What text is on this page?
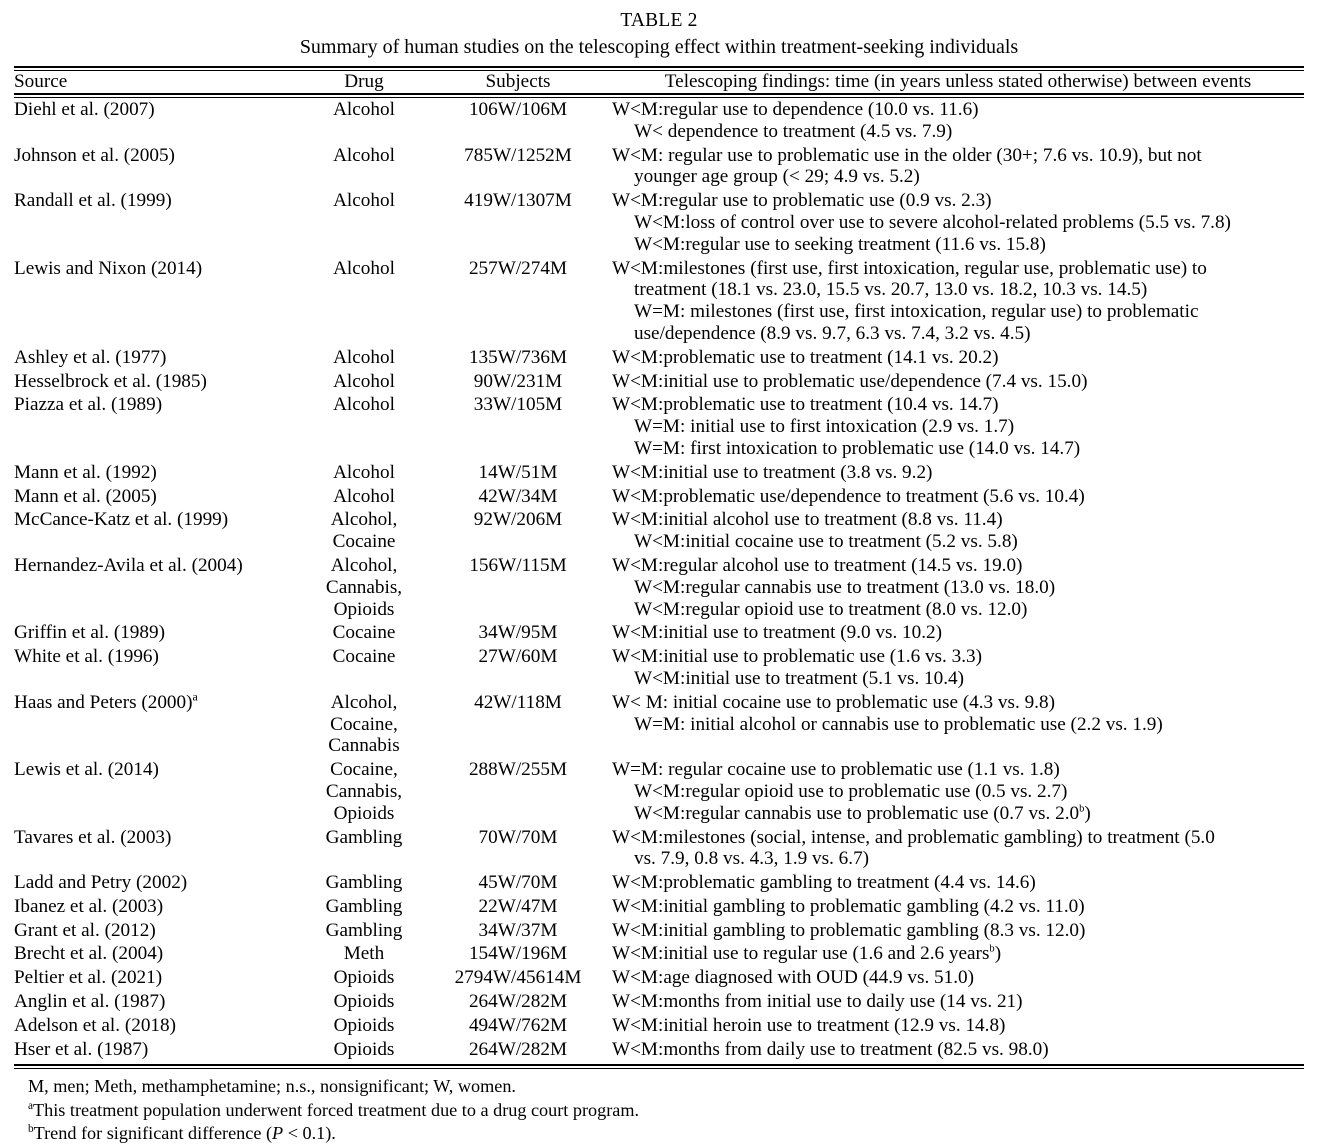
TABLE 2
Summary of human studies on the telescoping effect within treatment-seeking individuals
Source	Drug	Subjects	Telescoping findings: time (in years unless stated otherwise) between events
Diehl et al. (2007)	Alcohol	106W/106M	W<M:regular use to dependence (10.0 vs. 11.6)
W< dependence to treatment (4.5 vs. 7.9)

Johnson et al. (2005)	Alcohol	785W/1252M	W<M: regular use to problematic use in the older (30+; 7.6 vs. 10.9), but not
younger age group (< 29; 4.9 vs. 5.2)

Randall et al. (1999)	Alcohol	419W/1307M	W<M:regular use to problematic use (0.9 vs. 2.3)
W<M:loss of control over use to severe alcohol-related problems (5.5 vs. 7.8)
W<M:regular use to seeking treatment (11.6 vs. 15.8)

Lewis and Nixon (2014)	Alcohol	257W/274M	W<M:milestones (first use, first intoxication, regular use, problematic use) to
treatment (18.1 vs. 23.0, 15.5 vs. 20.7, 13.0 vs. 18.2, 10.3 vs. 14.5)
W=M: milestones (first use, first intoxication, regular use) to problematic
use/dependence (8.9 vs. 9.7, 6.3 vs. 7.4, 3.2 vs. 4.5)

Ashley et al. (1977)	Alcohol	135W/736M	W<M:problematic use to treatment (14.1 vs. 20.2)

Hesselbrock et al. (1985)	Alcohol	90W/231M	W<M:initial use to problematic use/dependence (7.4 vs. 15.0)

Piazza et al. (1989)	Alcohol	33W/105M	W<M:problematic use to treatment (10.4 vs. 14.7)
W=M: initial use to first intoxication (2.9 vs. 1.7)
W=M: first intoxication to problematic use (14.0 vs. 14.7)

Mann et al. (1992)	Alcohol	14W/51M	W<M:initial use to treatment (3.8 vs. 9.2)

Mann et al. (2005)	Alcohol	42W/34M	W<M:problematic use/dependence to treatment (5.6 vs. 10.4)

McCance-Katz et al. (1999)	Alcohol,
Cocaine
	92W/206M	W<M:initial alcohol use to treatment (8.8 vs. 11.4)
W<M:initial cocaine use to treatment (5.2 vs. 5.8)

Hernandez-Avila et al. (2004)	Alcohol,
Cannabis,
Opioids
	156W/115M	W<M:regular alcohol use to treatment (14.5 vs. 19.0)
W<M:regular cannabis use to treatment (13.0 vs. 18.0)
W<M:regular opioid use to treatment (8.0 vs. 12.0)

Griffin et al. (1989)	Cocaine	34W/95M	W<M:initial use to treatment (9.0 vs. 10.2)

White et al. (1996)	Cocaine	27W/60M	W<M:initial use to problematic use (1.6 vs. 3.3)
W<M:initial use to treatment (5.1 vs. 10.4)

Haas and Peters $(2000)^a$	Alcohol,
Cocaine,
Cannabis
	42W/118M	W< M: initial cocaine use to problematic use (4.3 vs. 9.8)
W=M: initial alcohol or cannabis use to problematic use (2.2 vs. 1.9)

Lewis et al. (2014)	Cocaine,
Cannabis,
Opioids
	288W/255M	W=M: regular cocaine use to problematic use (1.1 vs. 1.8)
W<M:regular opioid use to problematic use (0.5 vs. 2.7)
W<M:regular cannabis use to problematic use (0.7 vs. 2.0$^b$)

Tavares et al. (2003)	Gambling	70W/70M	W<M:milestones (social, intense, and problematic gambling) to treatment (5.0
vs. 7.9, 0.8 vs. 4.3, 1.9 vs. 6.7)

Ladd and Petry (2002)	Gambling	45W/70M	W<M:problematic gambling to treatment (4.4 vs. 14.6)

Ibanez et al. (2003)	Gambling	22W/47M	W<M:initial gambling to problematic gambling (4.2 vs. 11.0)

Grant et al. (2012)	Gambling	34W/37M	W<M:initial gambling to problematic gambling (8.3 vs. 12.0)

Brecht et al. (2004)	Meth	154W/196M	W<M:initial use to regular use (1.6 and 2.6 years$^b$)

Peltier et al. (2021)	Opioids	2794W/45614M	W<M:age diagnosed with OUD (44.9 vs. 51.0)

Anglin et al. (1987)	Opioids	264W/282M	W<M:months from initial use to daily use (14 vs. 21)

Adelson et al. (2018)	Opioids	494W/762M	W<M:initial heroin use to treatment (12.9 vs. 14.8)

Hser et al. (1987)	Opioids	264W/282M	W<M:months from daily use to treatment (82.5 vs. 98.0)
M, men; Meth, methamphetamine; n.s., nonsignificant; W, women.
$^a$This treatment population underwent forced treatment due to a drug court program.
$^b$Trend for significant difference (P < 0.1).
